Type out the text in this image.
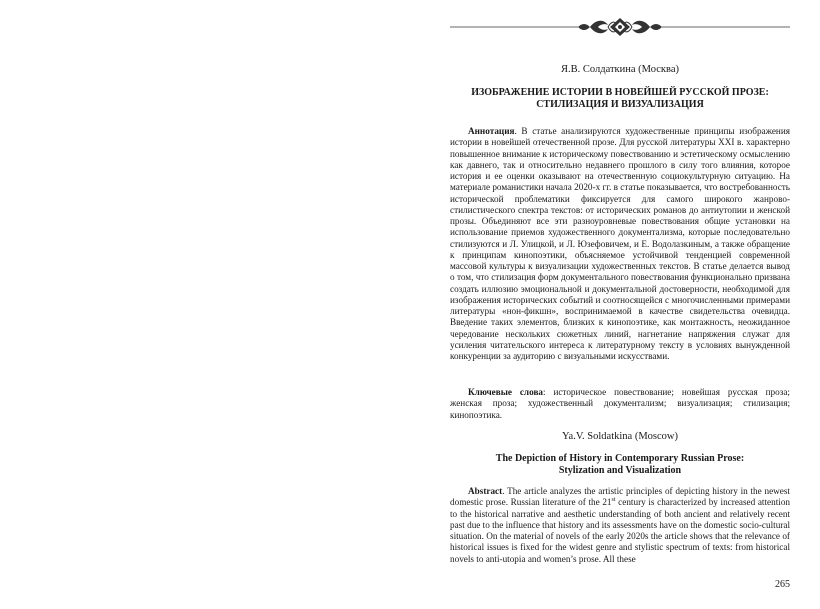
Я.В. Солдаткина (Москва)
ИЗОБРАЖЕНИЕ ИСТОРИИ В НОВЕЙШЕЙ РУССКОЙ ПРОЗЕ:
СТИЛИЗАЦИЯ И ВИЗУАЛИЗАЦИЯ

Аннотация. В статье анализируются художественные принципы изображения истории в новейшей отечественной прозе. Для русской литературы XXI в. характерно повышенное внимание к историческому повествованию и эстетическому осмыслению как давнего, так и относительно недавнего прошлого в силу того влияния, которое история и ее оценки оказывают на отечественную социокультурную ситуацию. На материале романистики начала 2020-х гг. в статье показывается, что востребованность исторической проблематики фиксируется для самого широкого жанрово-стилистического спектра текстов: от исторических романов до антиутопии и женской прозы. Объединяют все эти разноуровневые повествования общие установки на использование приемов художественного документализма, которые последовательно стилизуются и Л. Улицкой, и Л. Юзефовичем, и Е. Водолазкиным, а также обращение к принципам кинопоэтики, объясняемое устойчивой тенденцией современной массовой культуры к визуализации художественных текстов. В статье делается вывод о том, что стилизация форм документального повествования функционально призвана создать иллюзию эмоциональной и документальной достоверности, необходимой для изображения исторических событий и соотносящейся с многочисленными примерами литературы «нон-фикшн», воспринимаемой в качестве свидетельства очевидца. Введение таких элементов, близких к кинопоэтике, как монтажность, неожиданное чередование нескольких сюжетных линий, нагнетание напряжения служат для усиления читательского интереса к литературному тексту в условиях вынужденной конкуренции за аудиторию с визуальными искусствами.

Ключевые слова: историческое повествование; новейшая русская проза; женская проза; художественный документализм; визуализация; стилизация; кинопоэтика.

Ya.V. Soldatkina (Moscow)
The Depiction of History in Contemporary Russian Prose:
Stylization and Visualization

Abstract. The article analyzes the artistic principles of depicting history in the newest domestic prose. Russian literature of the 21st century is characterized by increased attention to the historical narrative and aesthetic understanding of both ancient and relatively recent past due to the influence that history and its assessments have on the domestic socio-cultural situation. On the material of novels of the early 2020s the article shows that the relevance of historical issues is fixed for the widest genre and stylistic spectrum of texts: from historical novels to anti-utopia and women’s prose. All these

265
